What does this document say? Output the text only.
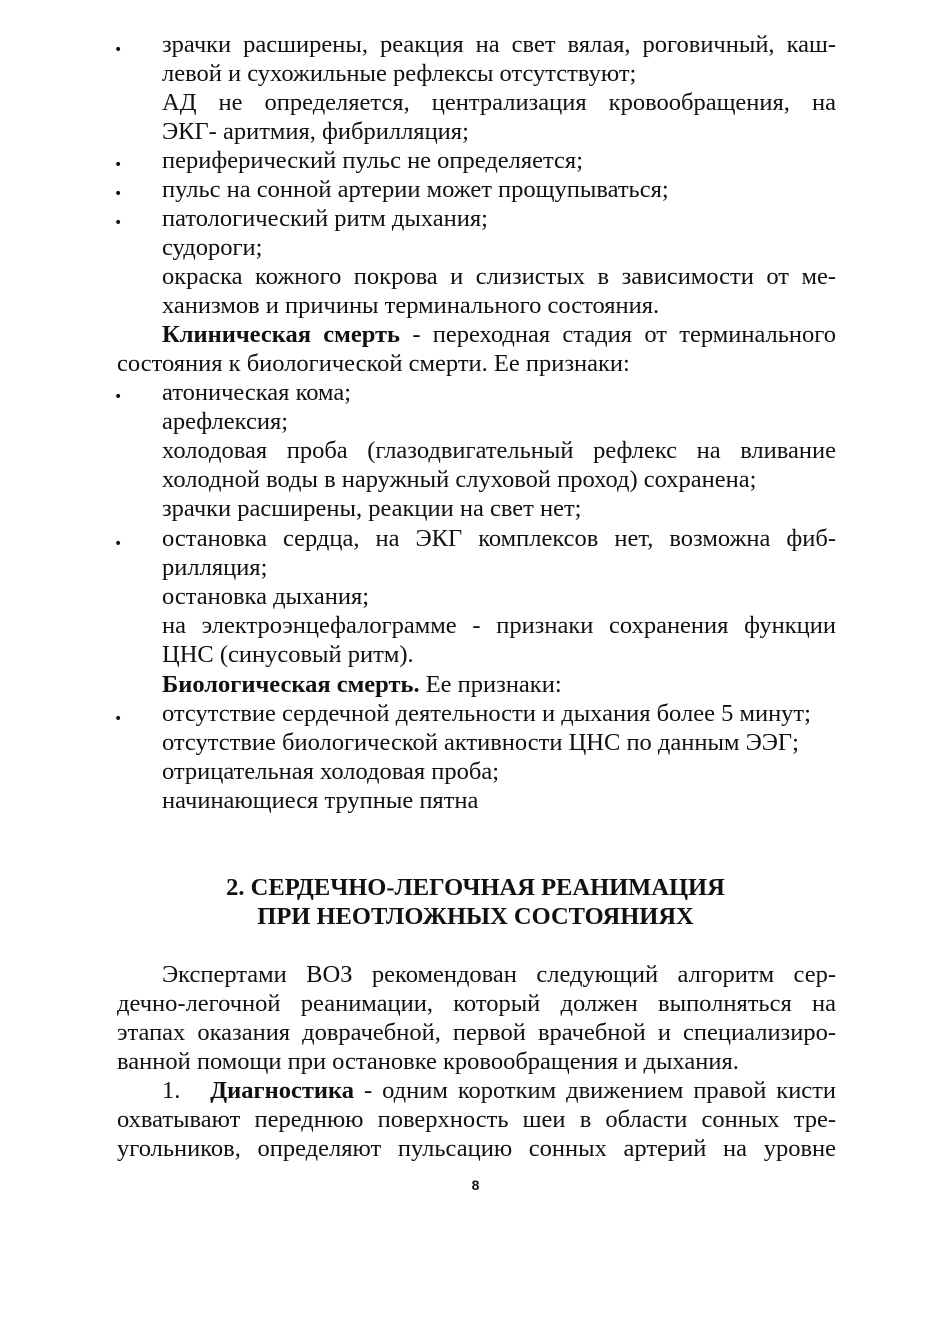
•
•
•
•
•
•
•
зрачки расширены, реакция на свет вялая, роговичный, каш-
левой и сухожильные рефлексы отсутствуют;
АД не определяется, централизация кровообращения, на
ЭКГ- аритмия, фибрилляция;
периферический пульс не определяется;
пульс на сонной артерии может прощупываться;
патологический ритм дыхания;
судороги;
окраска кожного покрова и слизистых в зависимости от ме-
ханизмов и причины терминального состояния.
Клиническая смерть - переходная стадия от терминального
состояния к биологической смерти. Ее признаки:
атоническая кома;
арефлексия;
холодовая проба (глазодвигательный рефлекс на вливание
холодной воды в наружный слуховой проход) сохранена;
зрачки расширены, реакции на свет нет;
остановка сердца, на ЭКГ комплексов нет, возможна фиб-
рилляция;
остановка дыхания;
на электроэнцефалограмме - признаки сохранения функции
ЦНС (синусовый ритм).
Биологическая смерть. Ее признаки:
отсутствие сердечной деятельности и дыхания более 5 минут;
отсутствие биологической активности ЦНС по данным ЭЭГ;
отрицательная холодовая проба;
начинающиеся трупные пятна
2. СЕРДЕЧНО-ЛЕГОЧНАЯ РЕАНИМАЦИЯ
ПРИ НЕОТЛОЖНЫХ СОСТОЯНИЯХ
Экспертами ВОЗ рекомендован следующий алгоритм сер-
дечно-легочной реанимации, который должен выполняться на
этапах оказания доврачебной, первой врачебной и специализиро-
ванной помощи при остановке кровообращения и дыхания.
1. Диагностика - одним коротким движением правой кисти
охватывают переднюю поверхность шеи в области сонных тре-
угольников, определяют пульсацию сонных артерий на уровне
8
